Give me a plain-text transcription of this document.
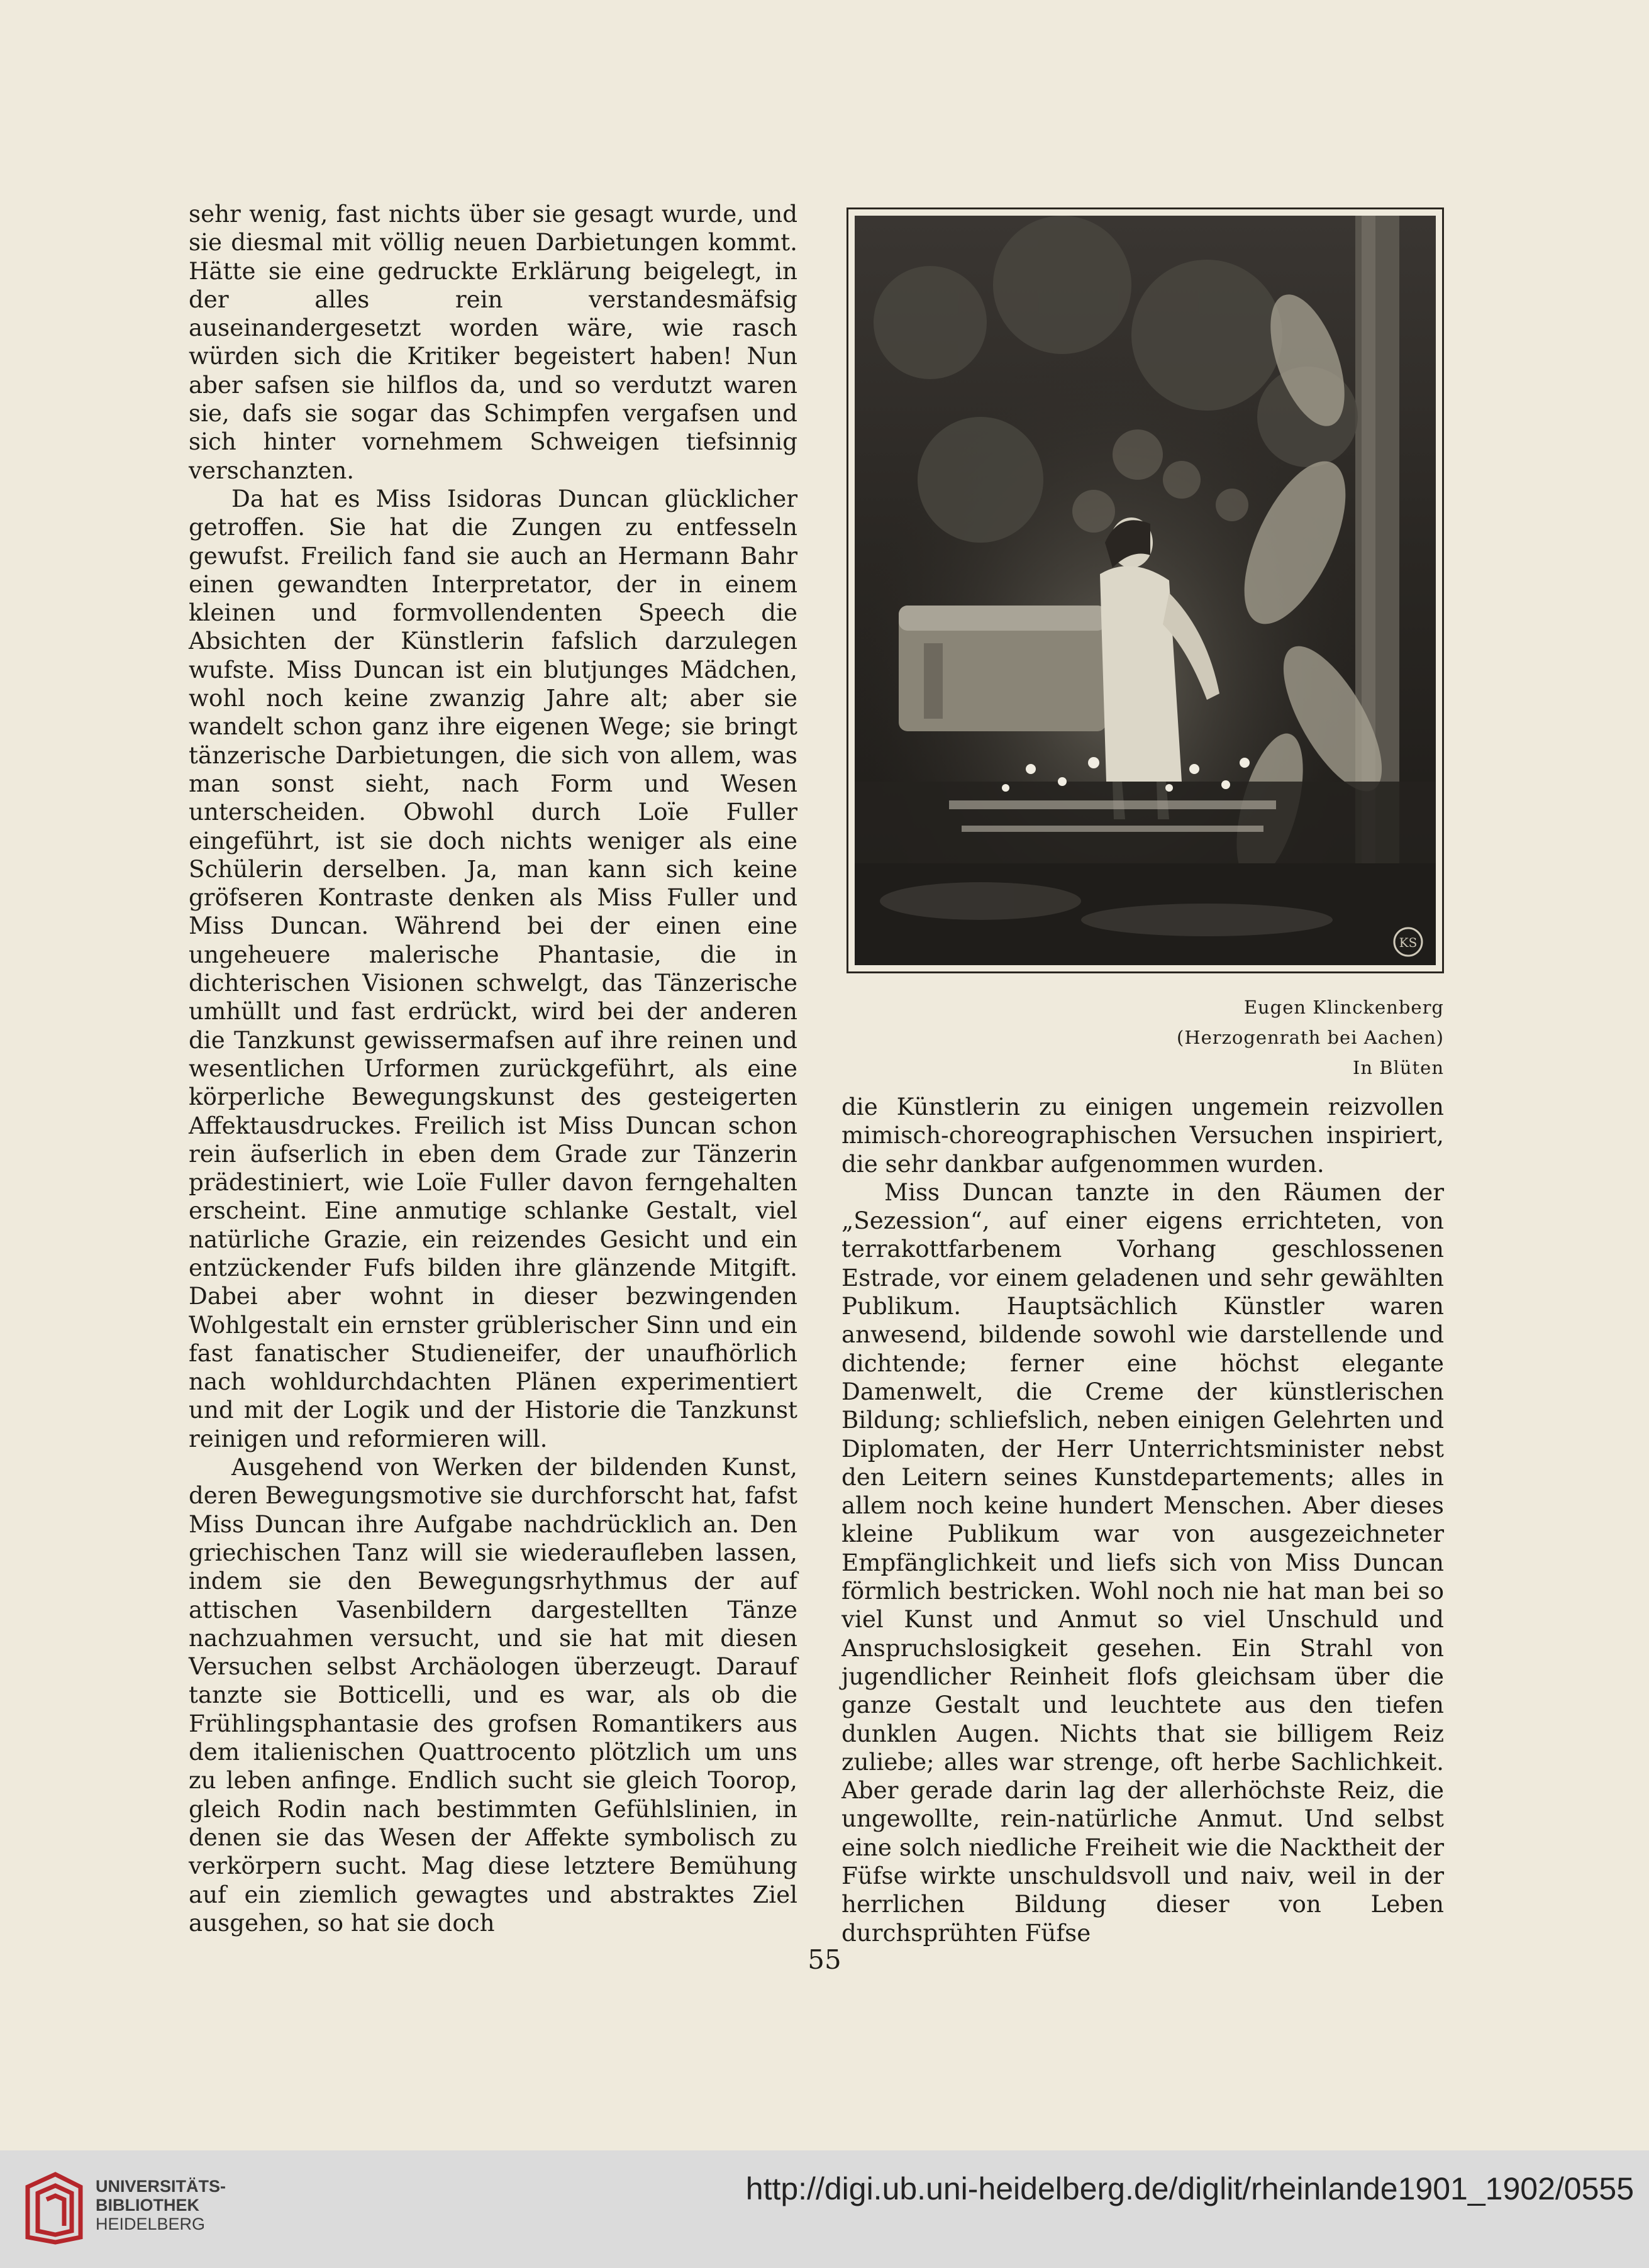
sehr wenig, fast nichts über sie gesagt wurde, und sie diesmal mit völlig neuen Darbietungen kommt. Hätte sie eine gedruckte Erklärung beigelegt, in der alles rein verstandesmäfsig auseinandergesetzt worden wäre, wie rasch würden sich die Kritiker begeistert haben! Nun aber safsen sie hilflos da, und so verdutzt waren sie, dafs sie sogar das Schimpfen vergafsen und sich hinter vornehmem Schweigen tiefsinnig verschanzten.

Da hat es Miss Isidoras Duncan glücklicher getroffen. Sie hat die Zungen zu entfesseln gewufst. Freilich fand sie auch an Hermann Bahr einen gewandten Interpretator, der in einem kleinen und formvollendenten Speech die Absichten der Künstlerin fafslich darzulegen wufste. Miss Duncan ist ein blutjunges Mädchen, wohl noch keine zwanzig Jahre alt; aber sie wandelt schon ganz ihre eigenen Wege; sie bringt tänzerische Darbietungen, die sich von allem, was man sonst sieht, nach Form und Wesen unterscheiden. Obwohl durch Loïe Fuller eingeführt, ist sie doch nichts weniger als eine Schülerin derselben. Ja, man kann sich keine gröfseren Kontraste denken als Miss Fuller und Miss Duncan. Während bei der einen eine ungeheuere malerische Phantasie, die in dichterischen Visionen schwelgt, das Tänzerische umhüllt und fast erdrückt, wird bei der anderen die Tanzkunst gewissermafsen auf ihre reinen und wesentlichen Urformen zurückgeführt, als eine körperliche Bewegungskunst des gesteigerten Affektausdruckes. Freilich ist Miss Duncan schon rein äufserlich in eben dem Grade zur Tänzerin prädestiniert, wie Loïe Fuller davon ferngehalten erscheint. Eine anmutige schlanke Gestalt, viel natürliche Grazie, ein reizendes Gesicht und ein entzückender Fufs bilden ihre glänzende Mitgift. Dabei aber wohnt in dieser bezwingenden Wohlgestalt ein ernster grüblerischer Sinn und ein fast fanatischer Studieneifer, der unaufhörlich nach wohldurchdachten Plänen experimentiert und mit der Logik und der Historie die Tanzkunst reinigen und reformieren will.

Ausgehend von Werken der bildenden Kunst, deren Bewegungsmotive sie durchforscht hat, fafst Miss Duncan ihre Aufgabe nachdrücklich an. Den griechischen Tanz will sie wiederaufleben lassen, indem sie den Bewegungsrhythmus der auf attischen Vasenbildern dargestellten Tänze nachzuahmen versucht, und sie hat mit diesen Versuchen selbst Archäologen überzeugt. Darauf tanzte sie Botticelli, und es war, als ob die Frühlingsphantasie des grofsen Romantikers aus dem italienischen Quattrocento plötzlich um uns zu leben anfinge. Endlich sucht sie gleich Toorop, gleich Rodin nach bestimmten Gefühlslinien, in denen sie das Wesen der Affekte symbolisch zu verkörpern sucht. Mag diese letztere Bemühung auf ein ziemlich gewagtes und abstraktes Ziel ausgehen, so hat sie doch

KS
Eugen Klinckenberg
(Herzogenrath bei Aachen)
In Blüten

die Künstlerin zu einigen ungemein reizvollen mimisch-choreographischen Versuchen inspiriert, die sehr dankbar aufgenommen wurden.

Miss Duncan tanzte in den Räumen der „Sezession“, auf einer eigens errichteten, von terrakottfarbenem Vorhang geschlossenen Estrade, vor einem geladenen und sehr gewählten Publikum. Hauptsächlich Künstler waren anwesend, bildende sowohl wie darstellende und dichtende; ferner eine höchst elegante Damenwelt, die Creme der künstlerischen Bildung; schliefslich, neben einigen Gelehrten und Diplomaten, der Herr Unterrichtsminister nebst den Leitern seines Kunstdepartements; alles in allem noch keine hundert Menschen. Aber dieses kleine Publikum war von ausgezeichneter Empfänglichkeit und liefs sich von Miss Duncan förmlich bestricken. Wohl noch nie hat man bei so viel Kunst und Anmut so viel Unschuld und Anspruchslosigkeit gesehen. Ein Strahl von jugendlicher Reinheit flofs gleichsam über die ganze Gestalt und leuchtete aus den tiefen dunklen Augen. Nichts that sie billigem Reiz zuliebe; alles war strenge, oft herbe Sachlichkeit. Aber gerade darin lag der allerhöchste Reiz, die ungewollte, rein-natürliche Anmut. Und selbst eine solch niedliche Freiheit wie die Nacktheit der Füfse wirkte unschuldsvoll und naiv, weil in der herrlichen Bildung dieser von Leben durchsprühten Füfse

55
UNIVERSITÄTS-
BIBLIOTHEK
HEIDELBERG
http://digi.ub.uni-heidelberg.de/diglit/rheinlande1901_1902/0555
